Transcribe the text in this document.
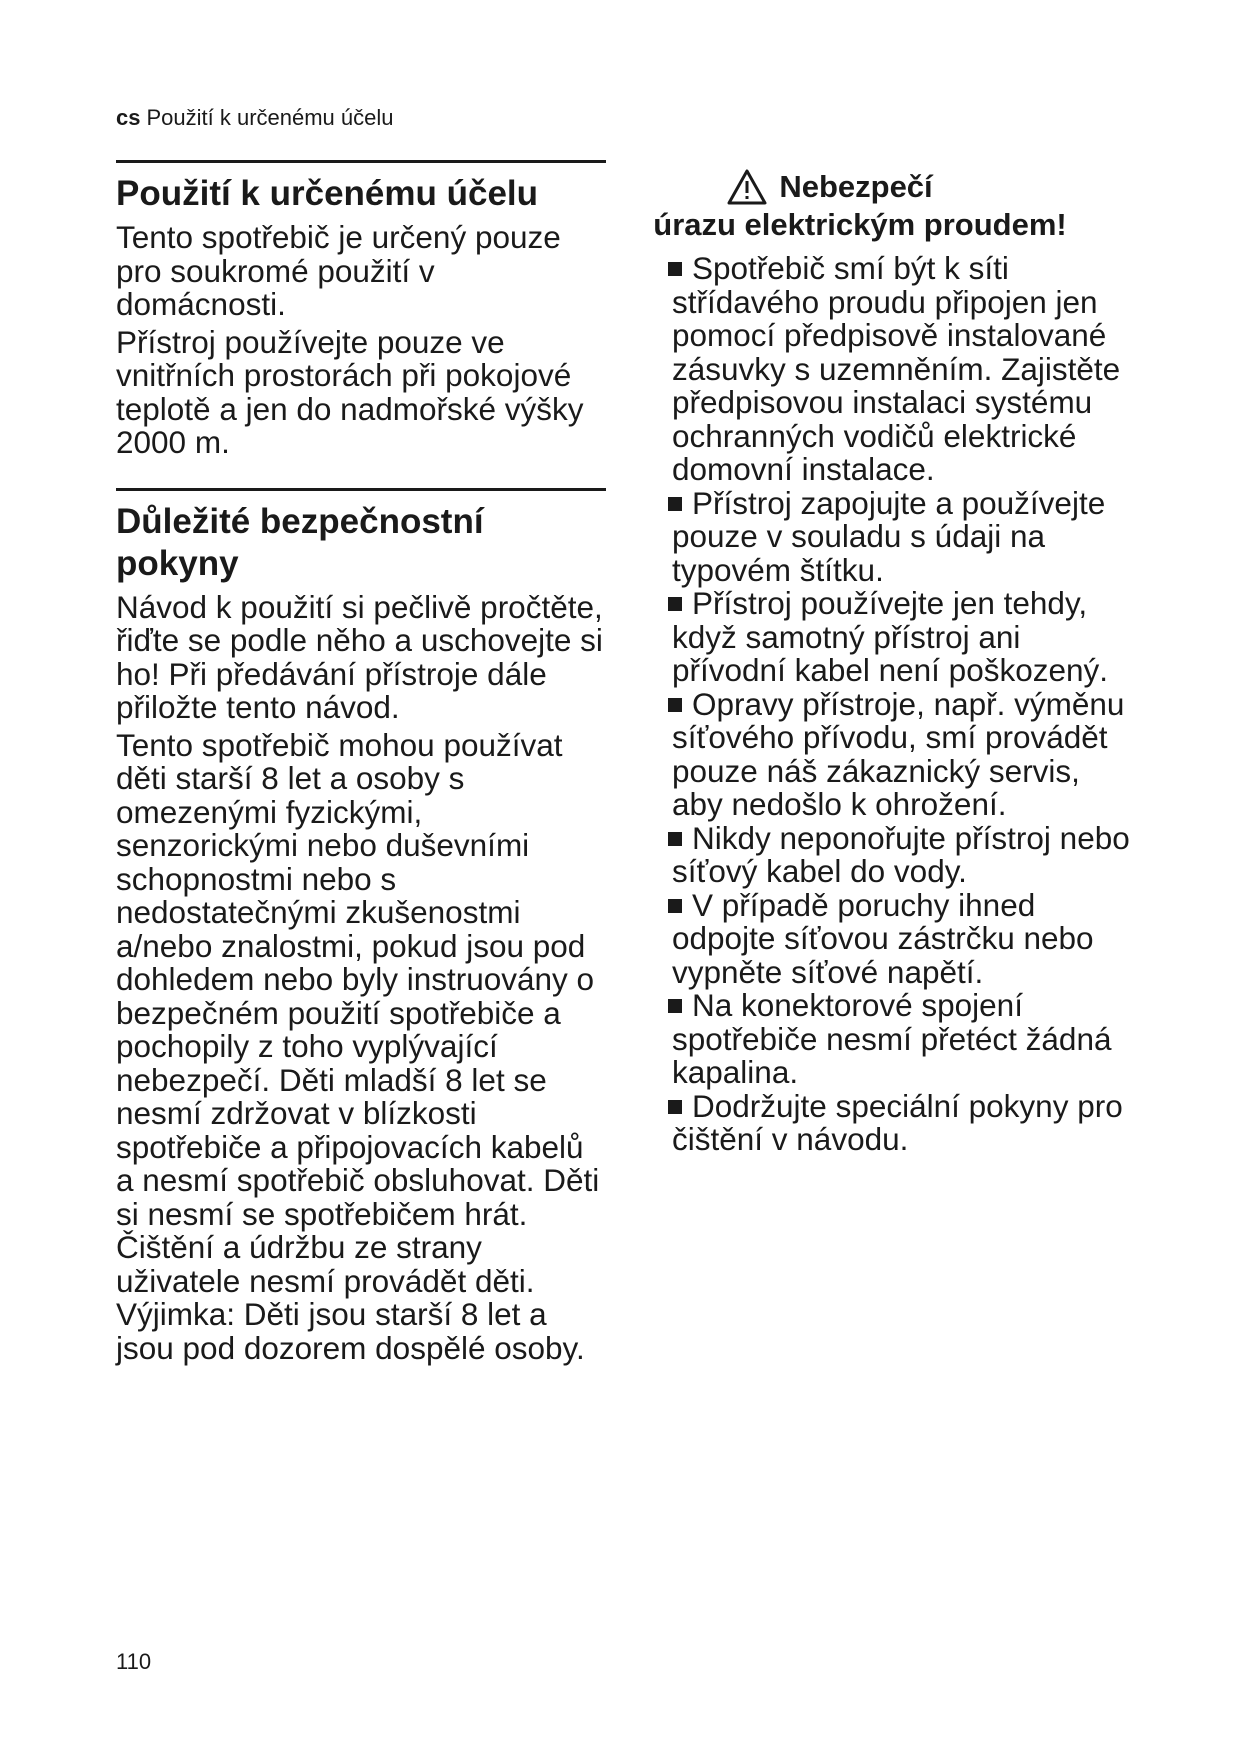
cs Použití k určenému účelu
Použití k určenému účelu

Tento spotřebič je určený pouze pro soukromé použití v domácnosti.

Přístroj používejte pouze ve vnitřních prostorách při pokojové teplotě a jen do nadmořské výšky 2000 m.

Důležité bezpečnostní
pokyny

Návod k použití si pečlivě pročtěte, řiďte se podle něho a uschovejte si ho! Při předávání přístroje dále přiložte tento návod.

Tento spotřebič mohou používat děti starší 8 let a osoby s omezenými fyzickými, senzorickými nebo duševními schopnostmi nebo s nedostatečnými zkušenostmi a/nebo znalostmi, pokud jsou pod dohledem nebo byly instruovány o bezpečném použití spotřebiče a pochopily z toho vyplývající nebezpečí. Děti mladší 8 let se nesmí zdržovat v blízkosti spotřebiče a připojovacích kabelů a nesmí spotřebič obsluhovat. Děti si nesmí se spotřebičem hrát. Čištění a údržbu ze strany uživatele nesmí provádět děti. Výjimka: Děti jsou starší 8 let a jsou pod dozorem dospělé osoby.

Nebezpečí
úrazu elektrickým proudem!
Spotřebič smí být k síti střídavého proudu připojen jen pomocí předpisově instalované zásuvky s uzemněním. Zajistěte předpisovou instalaci systému ochranných vodičů elektrické domovní instalace.
Přístroj zapojujte a používejte pouze v souladu s údaji na typovém štítku.
Přístroj používejte jen tehdy, když samotný přístroj ani přívodní kabel není poškozený.
Opravy přístroje, např. výměnu síťového přívodu, smí provádět pouze náš zákaznický servis, aby nedošlo k ohrožení.
Nikdy neponořujte přístroj nebo síťový kabel do vody.
V případě poruchy ihned odpojte síťovou zástrčku nebo vypněte síťové napětí.
Na konektorové spojení spotřebiče nesmí přetéct žádná kapalina.
Dodržujte speciální pokyny pro čištění v návodu.
110
